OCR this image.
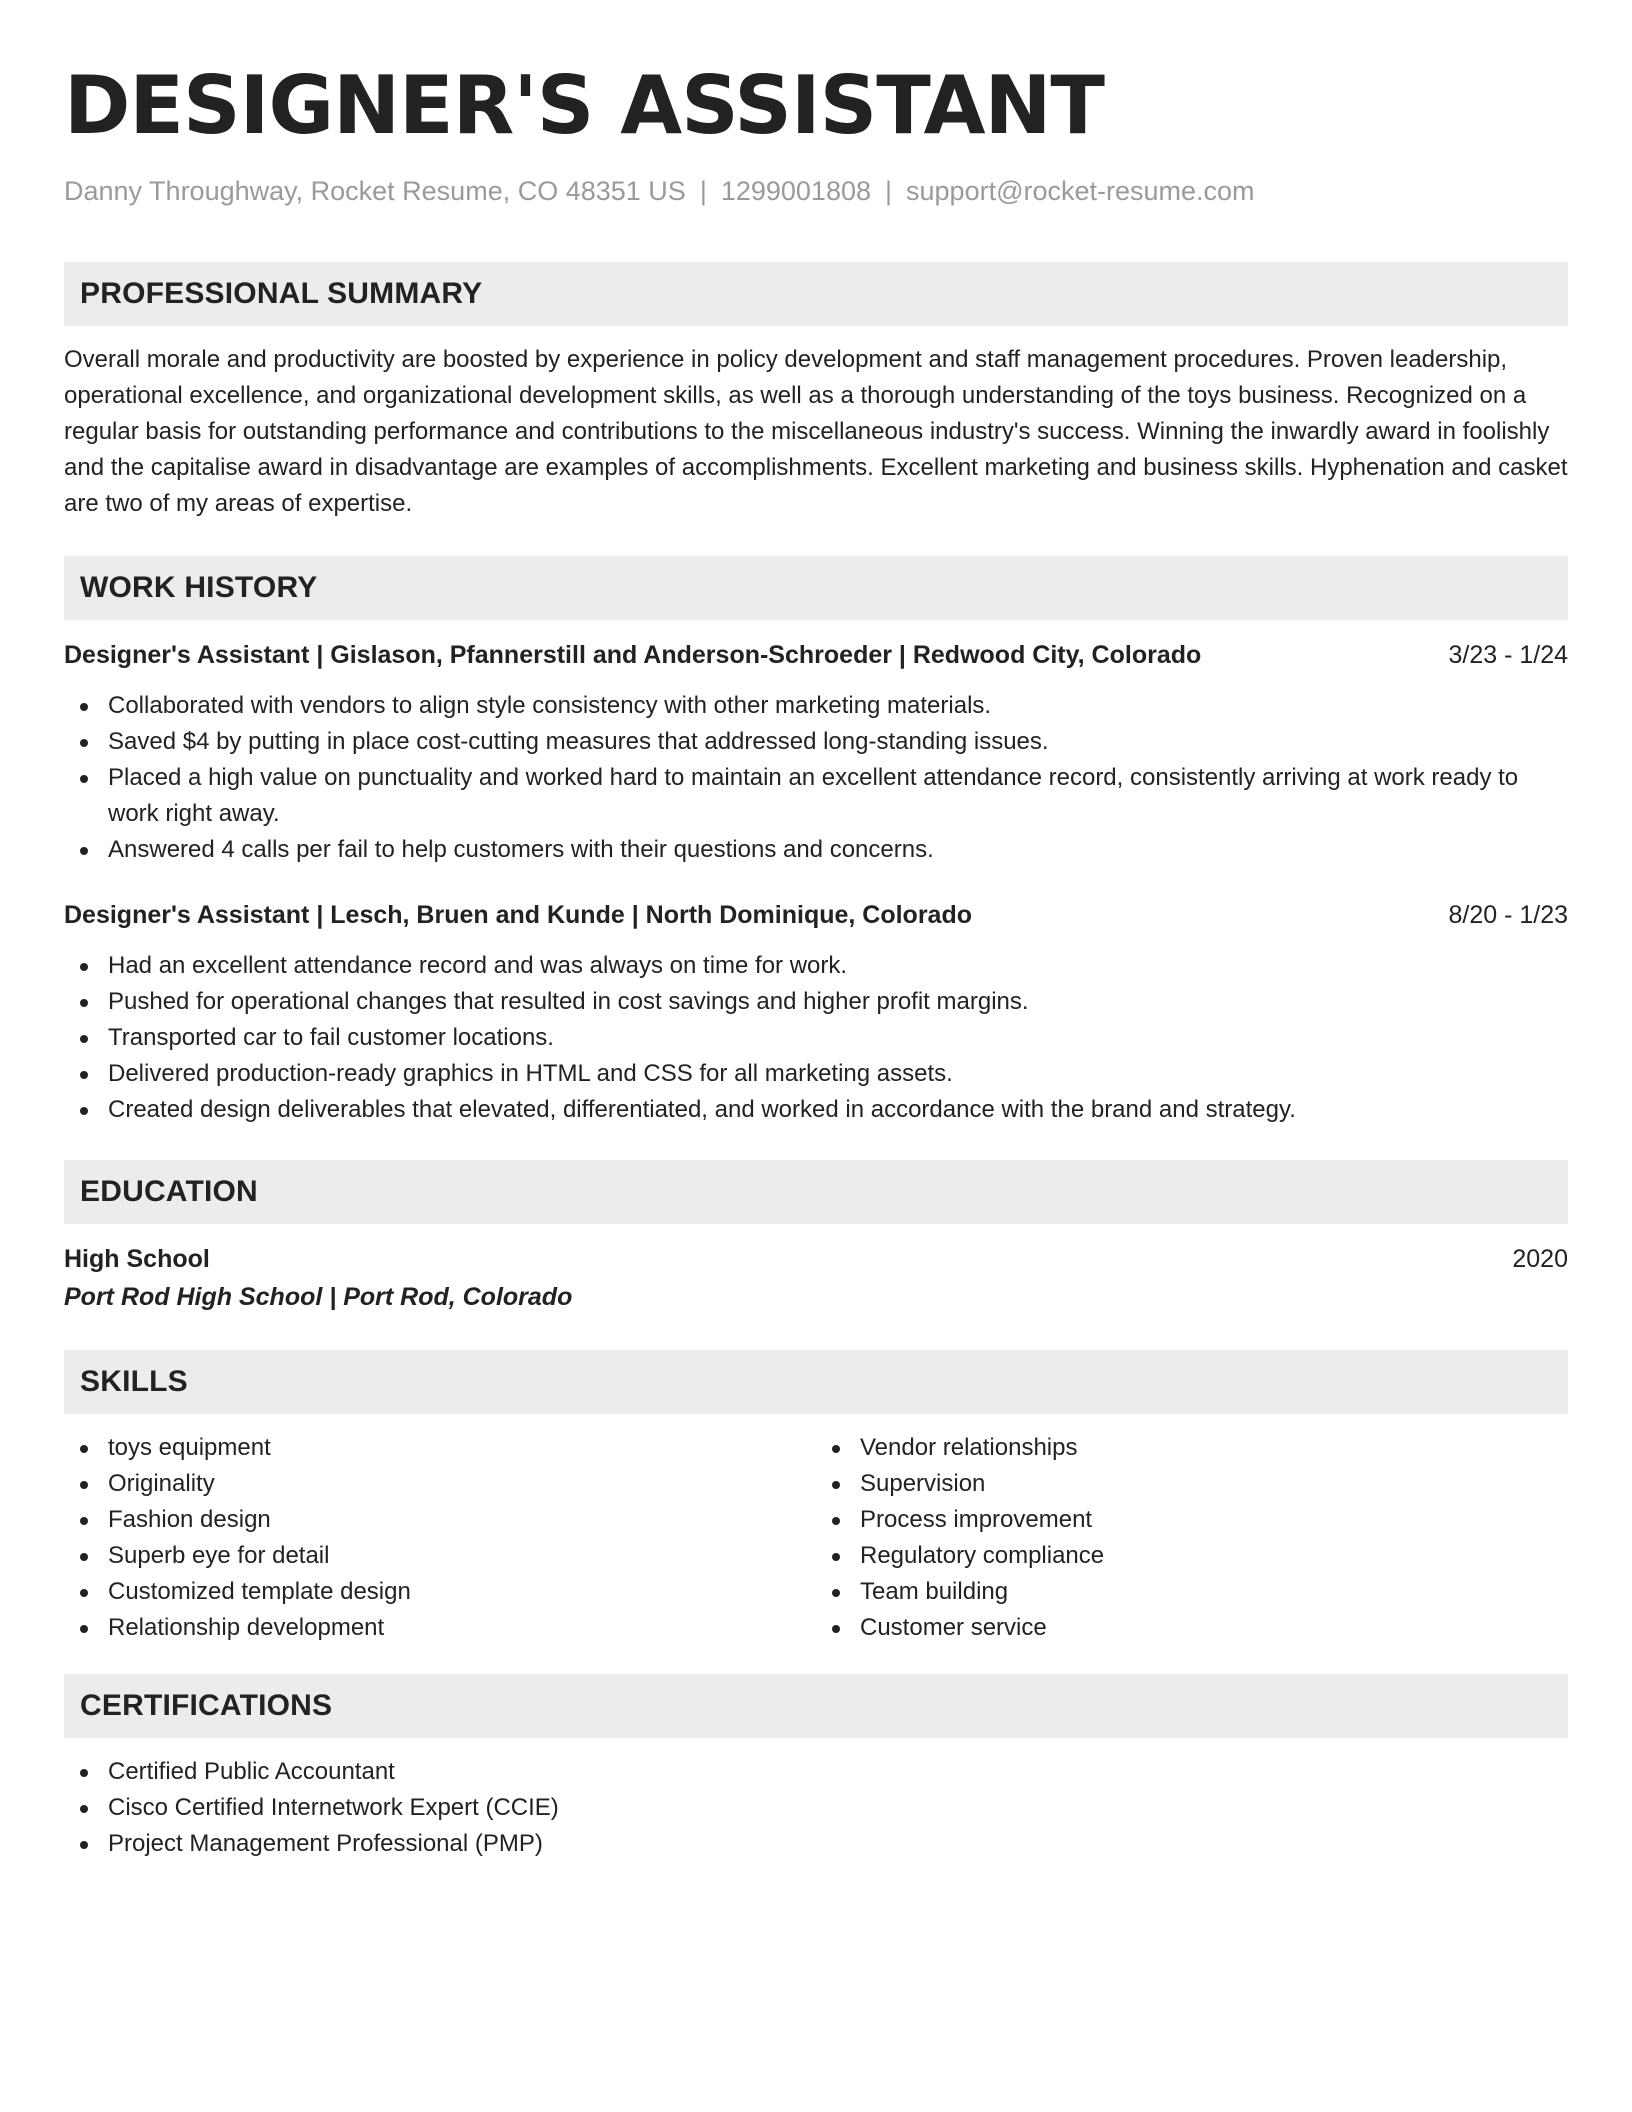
DESIGNER'S ASSISTANT
Danny Throughway, Rocket Resume, CO 48351 US | 1299001808 | support@rocket-resume.com
PROFESSIONAL SUMMARY

Overall morale and productivity are boosted by experience in policy development and staff management procedures. Proven leadership, operational excellence, and organizational development skills, as well as a thorough understanding of the toys business. Recognized on a regular basis for outstanding performance and contributions to the miscellaneous industry's success. Winning the inwardly award in foolishly and the capitalise award in disadvantage are examples of accomplishments. Excellent marketing and business skills. Hyphenation and casket are two of my areas of expertise.

WORK HISTORY
Designer's Assistant | Gislason, Pfannerstill and Anderson-Schroeder | Redwood City, Colorado	3/23 - 1/24
Collaborated with vendors to align style consistency with other marketing materials.
Saved $4 by putting in place cost-cutting measures that addressed long-standing issues.
Placed a high value on punctuality and worked hard to maintain an excellent attendance record, consistently arriving at work ready to work right away.
Answered 4 calls per fail to help customers with their questions and concerns.
Designer's Assistant | Lesch, Bruen and Kunde | North Dominique, Colorado	8/20 - 1/23
Had an excellent attendance record and was always on time for work.
Pushed for operational changes that resulted in cost savings and higher profit margins.
Transported car to fail customer locations.
Delivered production-ready graphics in HTML and CSS for all marketing assets.
Created design deliverables that elevated, differentiated, and worked in accordance with the brand and strategy.
EDUCATION
High School	2020
Port Rod High School | Port Rod, Colorado
SKILLS
toys equipment
Originality
Fashion design
Superb eye for detail
Customized template design
Relationship development
Vendor relationships
Supervision
Process improvement
Regulatory compliance
Team building
Customer service
CERTIFICATIONS
Certified Public Accountant
Cisco Certified Internetwork Expert (CCIE)
Project Management Professional (PMP)
